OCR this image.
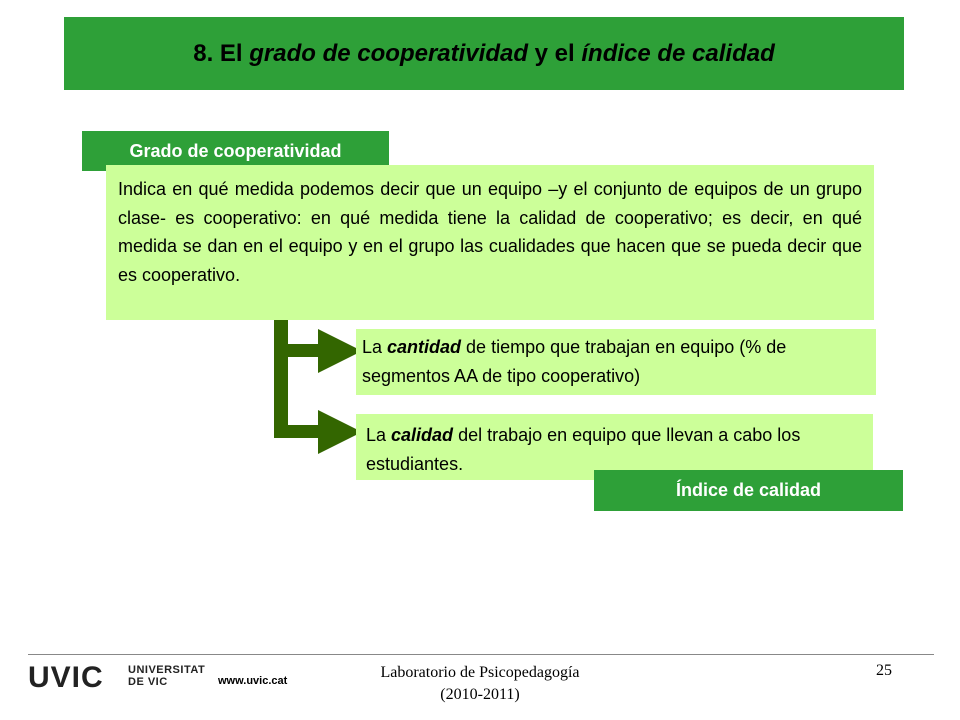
8. El grado de cooperatividad y el índice de calidad
Grado de cooperatividad
Indica en qué medida podemos decir que un equipo –y el conjunto de equipos de un grupo clase- es cooperativo: en qué medida tiene la calidad de cooperativo; es decir, en qué medida se dan en el equipo y en el grupo las cualidades que hacen que se pueda decir que es cooperativo.
La cantidad de tiempo que trabajan en equipo (% de segmentos AA de tipo cooperativo)
La calidad del trabajo en equipo que llevan a cabo los estudiantes.
Índice de calidad
UVIC UNIVERSITAT
DE VIC	www.uvic.cat	Laboratorio de Psicopedagogía
(2010-2011)
25
